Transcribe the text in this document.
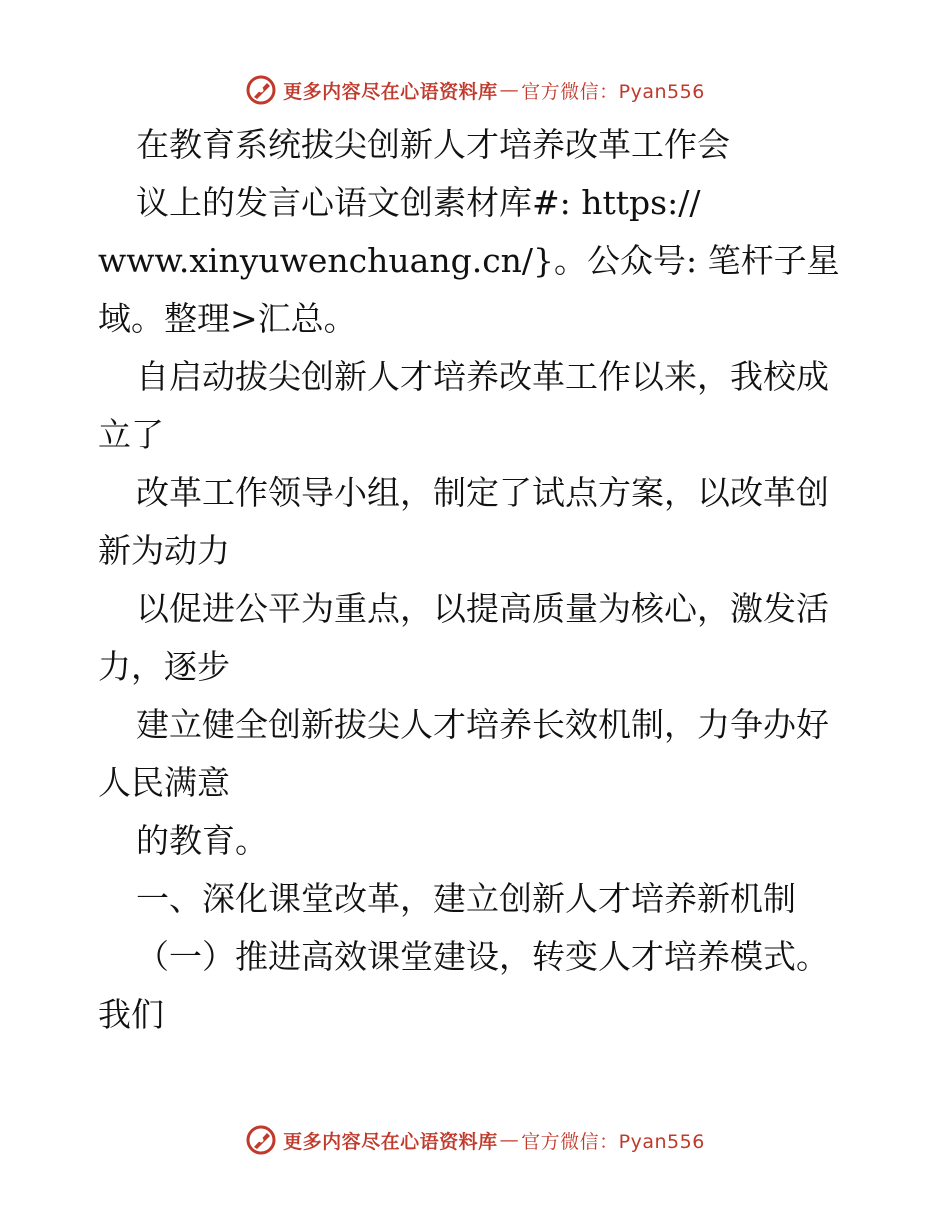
更多内容尽在心语资料库 — 官方微信：Pyan556
在教育系统拔尖创新人才培养改革工作会
议上的发言心语文创素材库#: https://
www.xinyuwenchuang.cn/}。公众号: 笔杆子星
域。整理>汇总。
自启动拔尖创新人才培养改革工作以来，我校成
立了
改革工作领导小组，制定了试点方案，以改革创
新为动力
以促进公平为重点，以提高质量为核心，激发活
力，逐步
建立健全创新拔尖人才培养长效机制，力争办好
人民满意
的教育。
一、深化课堂改革，建立创新人才培养新机制
（一）推进高效课堂建设，转变人才培养模式。
我们
更多内容尽在心语资料库 — 官方微信：Pyan556
